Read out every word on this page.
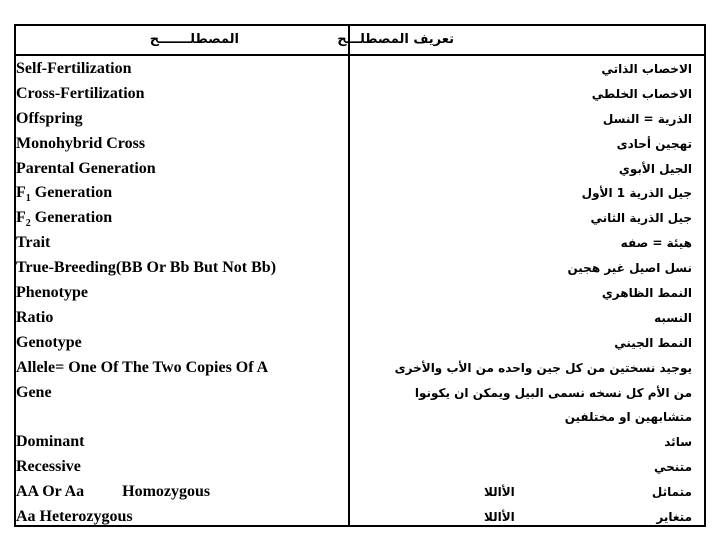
المصطلـــــــح	تعريف المصطلـــح
Self-Fertilization
Cross-Fertilization
Offspring
Monohybrid Cross
Parental Generation
$F_1$ Generation
$F_2$ Generation
Trait
True-Breeding(BB Or Bb But Not Bb)
Phenotype
Ratio
Genotype
Allele= One Of The Two Copies Of A
Gene
Dominant
Recessive
AA Or Aa Homozygous
Aa Heterozygous
الاخصاب الذاتي
الاخصاب الخلطي
الذرية = النسل
تهجين أحادى
الجيل الأبوي
جيل الذرية 1 الأول
جيل الذرية الثاني
هيئة = صفه
نسل اصيل غير هجين
النمط الظاهري
النسبه
النمط الجيني
يوجيد نسختين من كل جين واحده من الأب والأخرى
من الأم كل نسخه نسمى البيل ويمكن ان يكونوا
متشابهين او مختلفين
سائد
متنحي
متماثل
الأاللا
متغاير
الأاللا
